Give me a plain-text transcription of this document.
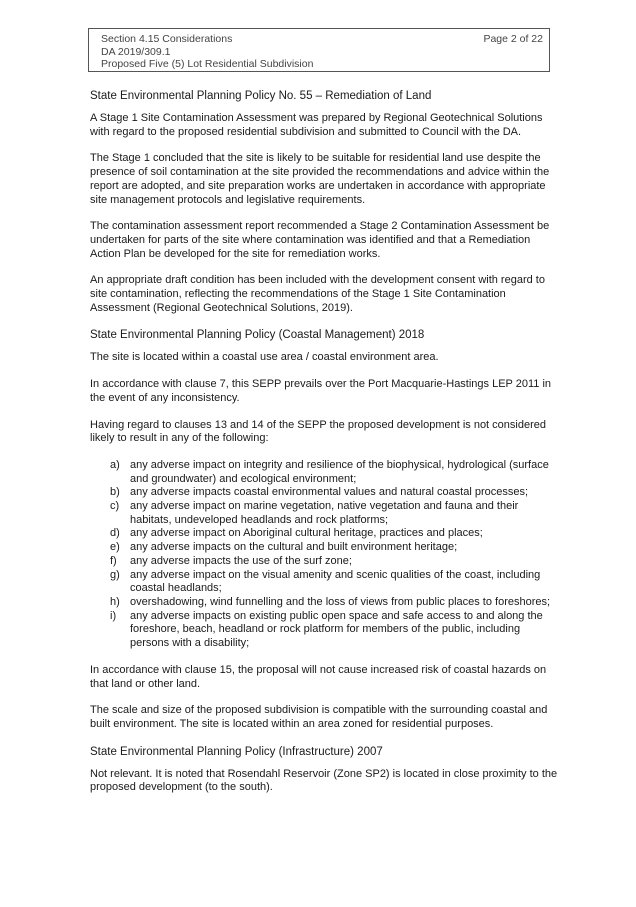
Section 4.15 Considerations
DA 2019/309.1
Proposed Five (5) Lot Residential Subdivision
Page 2 of 22
State Environmental Planning Policy No. 55 – Remediation of Land

A Stage 1 Site Contamination Assessment was prepared by Regional Geotechnical Solutions with regard to the proposed residential subdivision and submitted to Council with the DA.

The Stage 1 concluded that the site is likely to be suitable for residential land use despite the presence of soil contamination at the site provided the recommendations and advice within the report are adopted, and site preparation works are undertaken in accordance with appropriate site management protocols and legislative requirements.

The contamination assessment report recommended a Stage 2 Contamination Assessment be undertaken for parts of the site where contamination was identified and that a Remediation Action Plan be developed for the site for remediation works.

An appropriate draft condition has been included with the development consent with regard to site contamination, reflecting the recommendations of the Stage 1 Site Contamination Assessment (Regional Geotechnical Solutions, 2019).

State Environmental Planning Policy (Coastal Management) 2018

The site is located within a coastal use area / coastal environment area.

In accordance with clause 7, this SEPP prevails over the Port Macquarie-Hastings LEP 2011 in the event of any inconsistency.

Having regard to clauses 13 and 14 of the SEPP the proposed development is not considered likely to result in any of the following:

a) any adverse impact on integrity and resilience of the biophysical, hydrological (surface and groundwater) and ecological environment;
b) any adverse impacts coastal environmental values and natural coastal processes;
c) any adverse impact on marine vegetation, native vegetation and fauna and their habitats, undeveloped headlands and rock platforms;
d) any adverse impact on Aboriginal cultural heritage, practices and places;
e) any adverse impacts on the cultural and built environment heritage;
f) any adverse impacts the use of the surf zone;
g) any adverse impact on the visual amenity and scenic qualities of the coast, including coastal headlands;
h) overshadowing, wind funnelling and the loss of views from public places to foreshores;
i) any adverse impacts on existing public open space and safe access to and along the foreshore, beach, headland or rock platform for members of the public, including persons with a disability;

In accordance with clause 15, the proposal will not cause increased risk of coastal hazards on that land or other land.

The scale and size of the proposed subdivision is compatible with the surrounding coastal and built environment. The site is located within an area zoned for residential purposes.

State Environmental Planning Policy (Infrastructure) 2007

Not relevant. It is noted that Rosendahl Reservoir (Zone SP2) is located in close proximity to the proposed development (to the south).
